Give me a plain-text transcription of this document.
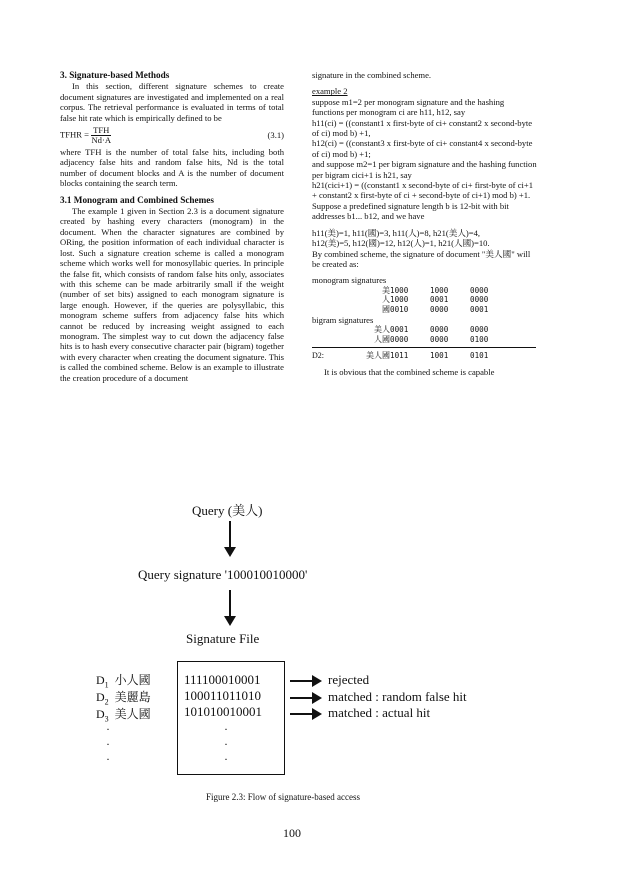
3. Signature-based Methods

In this section, different signature schemes to create document signatures are investigated and implemented on a real corpus. The retrieval performance is evaluated in terms of total false hit rate which is empirically defined to be

TFHR = $\frac{\text{TFH}}{Nd\cdot A}$	(3.1)

where TFH is the number of total false hits, including both adjacency false hits and random false hits, Nd is the total number of document blocks and A is the number of document blocks containing the search term.

3.1 Monogram and Combined Schemes

The example 1 given in Section 2.3 is a document signature created by hashing every characters (monogram) in the document. When the character signatures are combined by ORing, the position information of each individual character is lost. Such a signature creation scheme is called a monogram scheme which works well for monosyllabic queries. In principle the false fit, which consists of random false hits only, associates with this scheme can be made arbitrarily small if the weight (number of set bits) assigned to each monogram signature is large enough. However, if the queries are polysyllabic, this monogram scheme suffers from adjacency false hits which cannot be reduced by increasing weight assigned to each monogram. The simplest way to cut down the adjacency false hits is to hash every consecutive character pair (bigram) together with every character when creating the document signature. This is called the combined scheme. Below is an example to illustrate the creation procedure of a document

signature in the combined scheme.

example 2

suppose m1=2 per monogram signature and the hashing functions per monogram ci are h11, h12, say

h11(ci) = ((constant1 x first-byte of ci+ constant2 x second-byte of ci) mod b) +1,

h12(ci) = ((constant3 x first-byte of ci+ constant4 x second-byte of ci) mod b) +1;

and suppose m2=1 per bigram signature and the hashing function per bigram cici+1 is h21, say

h21(cici+1) = ((constant1 x second-byte of ci+ first-byte of ci+1 + constant2 x first-byte of ci + second-byte of ci+1) mod b) +1.

Suppose a predefined signature length b is 12-bit with bit addresses b1... b12, and we have

h11(美)=1, h11(國)=3, h11(人)=8, h21(美人)=4,

h12(美)=5, h12(國)=12, h12(人)=1, h21(人國)=10.

By combined scheme, the signature of document "美人國" will be created as:

monogram signatures

	美	1000	1000	0000
	人	1000	0001	0000
	國	0010	0000	0001

bigram signatures

	美人	0001	0000	0000
	人國	0000	0000	0100
D2:	美人國	1011	1001	0101

It is obvious that the combined scheme is capable

Query (美人)
Query signature '100010010000'
Signature File
$D_1$ 小人國
$D_2$ 美麗島
$D_3$ 美人國
·
·
·
111100010001
100011011010
101010010001
·
·
·
rejected
matched : random false hit
matched : actual hit
Figure 2.3: Flow of signature-based access
100
